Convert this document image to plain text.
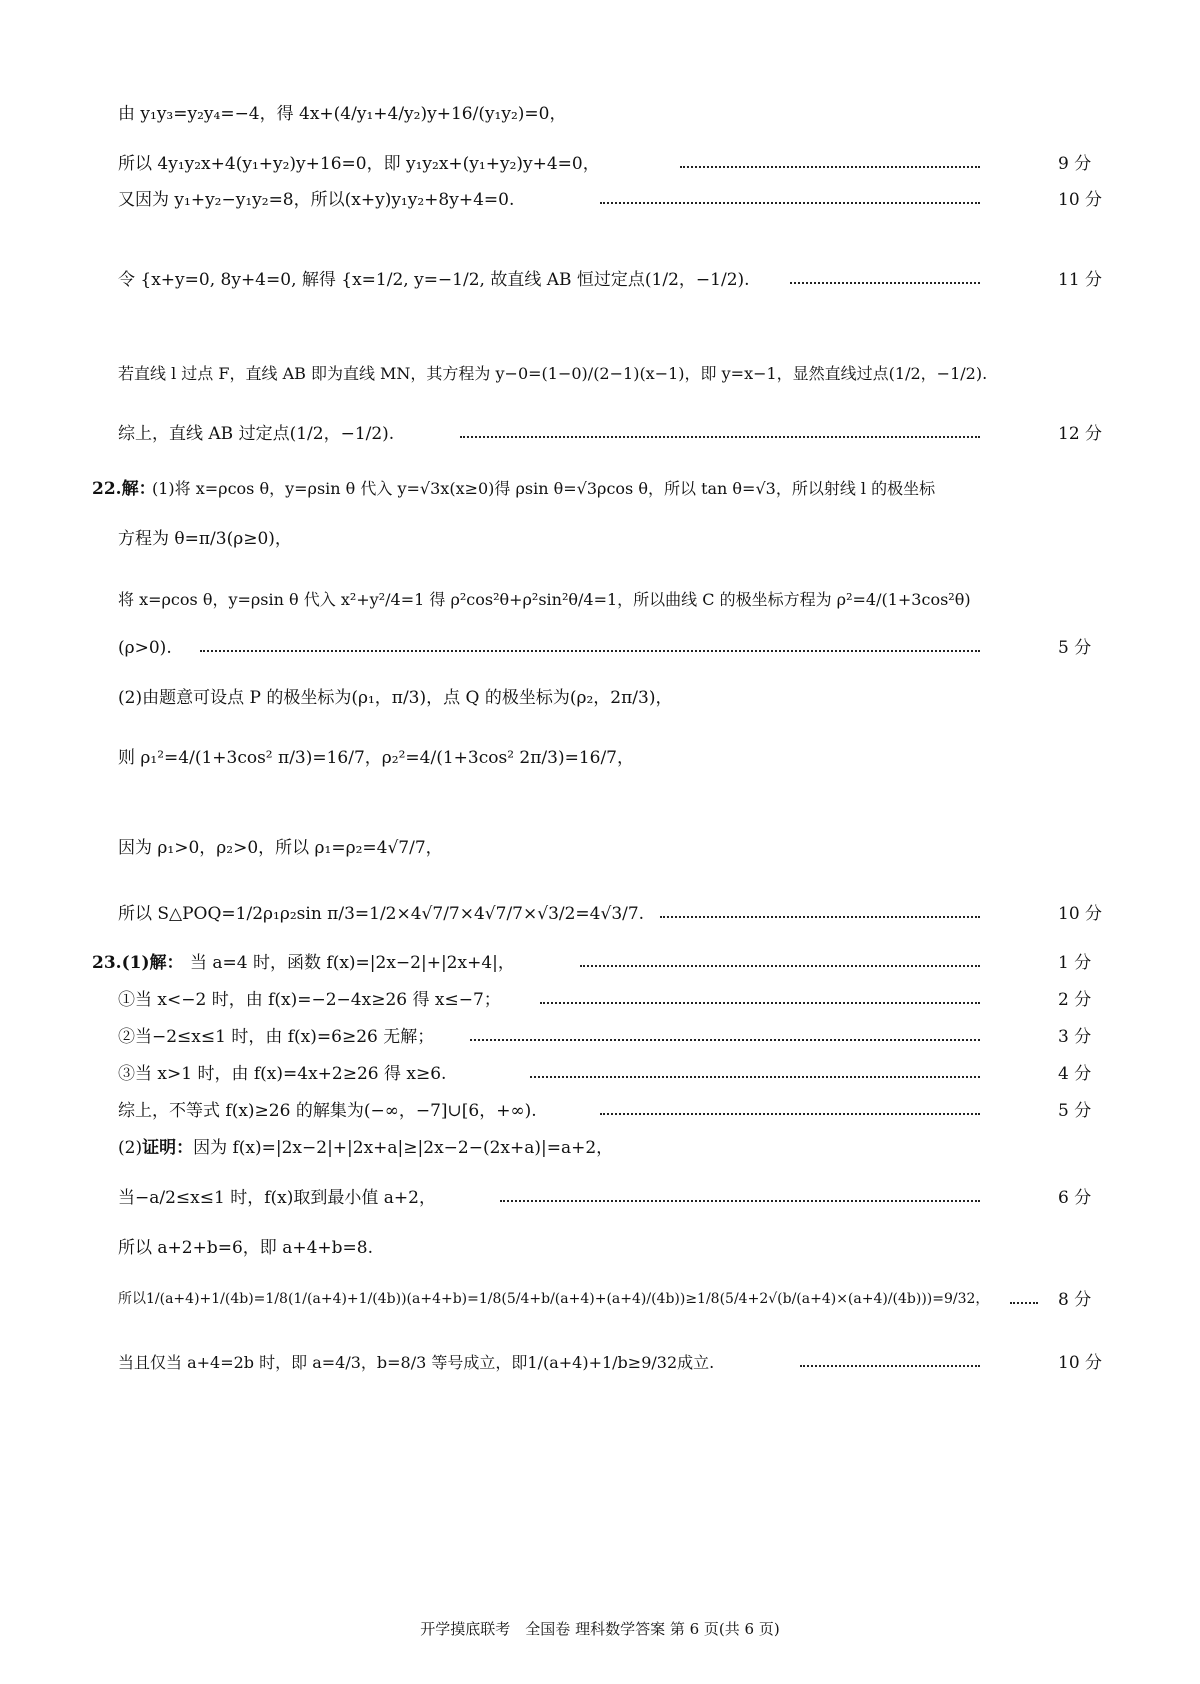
由 y₁y₃=y₂y₄=−4，得 4x+(4/y₁+4/y₂)y+16/(y₁y₂)=0，
所以 4y₁y₂x+4(y₁+y₂)y+16=0，即 y₁y₂x+(y₁+y₂)y+4=0，
又因为 y₁+y₂−y₁y₂=8，所以(x+y)y₁y₂+8y+4=0.
令 {x+y=0, 8y+4=0, 解得 {x=1/2, y=−1/2, 故直线 AB 恒过定点(1/2，−1/2).
若直线 l 过点 F，直线 AB 即为直线 MN，其方程为 y−0=(1−0)/(2−1)(x−1)，即 y=x−1，显然直线过点(1/2，−1/2).
综上，直线 AB 过定点(1/2，−1/2).
22.解：
(1)将 x=ρcos θ，y=ρsin θ 代入 y=√3x(x≥0)得 ρsin θ=√3ρcos θ，所以 tan θ=√3，所以射线 l 的极坐标
方程为 θ=π/3(ρ≥0)，
将 x=ρcos θ，y=ρsin θ 代入 x²+y²/4=1 得 ρ²cos²θ+ρ²sin²θ/4=1，所以曲线 C 的极坐标方程为 ρ²=4/(1+3cos²θ)
(ρ>0).
(2)由题意可设点 P 的极坐标为(ρ₁，π/3)，点 Q 的极坐标为(ρ₂，2π/3)，
则 ρ₁²=4/(1+3cos² π/3)=16/7，ρ₂²=4/(1+3cos² 2π/3)=16/7，
因为 ρ₁>0，ρ₂>0，所以 ρ₁=ρ₂=4√7/7，
所以 S△POQ=1/2ρ₁ρ₂sin π/3=1/2×4√7/7×4√7/7×√3/2=4√3/7.
23.(1)解： 当 a=4 时，函数 f(x)=|2x−2|+|2x+4|，
①当 x<−2 时，由 f(x)=−2−4x≥26 得 x≤−7；
②当−2≤x≤1 时，由 f(x)=6≥26 无解；
③当 x>1 时，由 f(x)=4x+2≥26 得 x≥6.
综上，不等式 f(x)≥26 的解集为(−∞，−7]∪[6，+∞).
(2)证明：因为 f(x)=|2x−2|+|2x+a|≥|2x−2−(2x+a)|=a+2，
当−a/2≤x≤1 时，f(x)取到最小值 a+2，
所以 a+2+b=6，即 a+4+b=8.
所以1/(a+4)+1/(4b)=1/8(1/(a+4)+1/(4b))(a+4+b)=1/8(5/4+b/(a+4)+(a+4)/(4b))≥1/8(5/4+2√(b/(a+4)×(a+4)/(4b)))=9/32，
当且仅当 a+4=2b 时，即 a=4/3，b=8/3 等号成立，即1/(a+4)+1/b≥9/32成立.
9 分
10 分
11 分
12 分
5 分
10 分
1 分
2 分
3 分
4 分
5 分
6 分
8 分
10 分
开学摸底联考　全国卷 理科数学答案 第 6 页(共 6 页)
